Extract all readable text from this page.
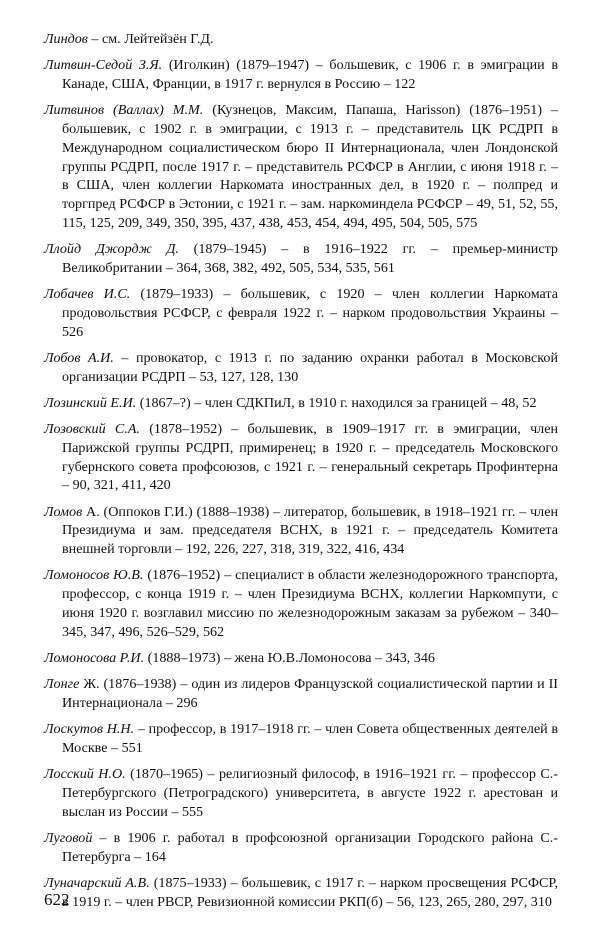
Линдов – см. Лейтейзён Г.Д.
Литвин-Седой З.Я. (Иголкин) (1879–1947) – большевик, с 1906 г. в эмиграции в Канаде, США, Франции, в 1917 г. вернулся в Россию – 122
Литвинов (Валлах) М.М. (Кузнецов, Максим, Папаша, Harisson) (1876–1951) – большевик, с 1902 г. в эмиграции, с 1913 г. – представитель ЦК РСДРП в Международном социалистическом бюро II Интернационала, член Лондонской группы РСДРП, после 1917 г. – представитель РСФСР в Англии, с июня 1918 г. – в США, член коллегии Наркомата иностранных дел, в 1920 г. – полпред и торгпред РСФСР в Эстонии, с 1921 г. – зам. наркоминдела РСФСР – 49, 51, 52, 55, 115, 125, 209, 349, 350, 395, 437, 438, 453, 454, 494, 495, 504, 505, 575
Ллойд Джордж Д. (1879–1945) – в 1916–1922 гг. – премьер-министр Великобритании – 364, 368, 382, 492, 505, 534, 535, 561
Лобачев И.С. (1879–1933) – большевик, с 1920 – член коллегии Наркомата продовольствия РСФСР, с февраля 1922 г. – нарком продовольствия Украины – 526
Лобов А.И. – провокатор, с 1913 г. по заданию охранки работал в Московской организации РСДРП – 53, 127, 128, 130
Лозинский Е.И. (1867–?) – член СДКПиЛ, в 1910 г. находился за границей – 48, 52
Лозовский С.А. (1878–1952) – большевик, в 1909–1917 гг. в эмиграции, член Парижской группы РСДРП, примиренец; в 1920 г. – председатель Московского губернского совета профсоюзов, с 1921 г. – генеральный секретарь Профинтерна – 90, 321, 411, 420
Ломов А. (Оппоков Г.И.) (1888–1938) – литератор, большевик, в 1918–1921 гг. – член Президиума и зам. председателя ВСНХ, в 1921 г. – председатель Комитета внешней торговли – 192, 226, 227, 318, 319, 322, 416, 434
Ломоносов Ю.В. (1876–1952) – специалист в области железнодорожного транспорта, профессор, с конца 1919 г. – член Президиума ВСНХ, коллегии Наркомпути, с июня 1920 г. возглавил миссию по железнодорожным заказам за рубежом – 340–345, 347, 496, 526–529, 562
Ломоносова Р.И. (1888–1973) – жена Ю.В.Ломоносова – 343, 346
Лонге Ж. (1876–1938) – один из лидеров Французской социалистической партии и II Интернационала – 296
Лоскутов Н.Н. – профессор, в 1917–1918 гг. – член Совета общественных деятелей в Москве – 551
Лосский Н.О. (1870–1965) – религиозный философ, в 1916–1921 гг. – профессор С.-Петербургского (Петроградского) университета, в августе 1922 г. арестован и выслан из России – 555
Луговой – в 1906 г. работал в профсоюзной организации Городского района С.-Петербурга – 164
Луначарский А.В. (1875–1933) – большевик, с 1917 г. – нарком просвещения РСФСР, в 1919 г. – член РВСР, Ревизионной комиссии РКП(б) – 56, 123, 265, 280, 297, 310
622
